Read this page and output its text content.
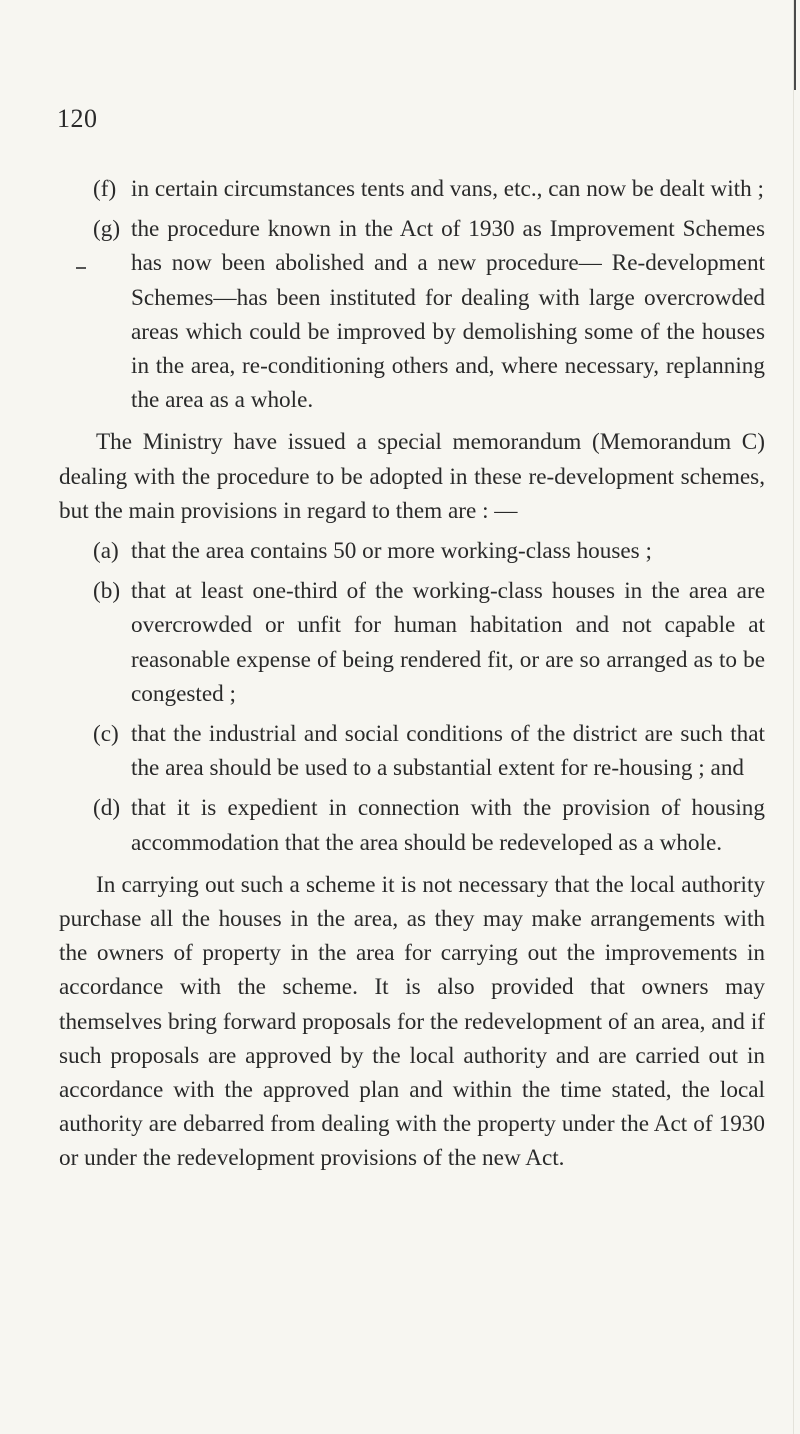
120
(f) in certain circumstances tents and vans, etc., can now be dealt with ;
(g) the procedure known in the Act of 1930 as Improvement Schemes has now been abolished and a new procedure— Re-development Schemes—has been instituted for dealing with large overcrowded areas which could be improved by demolishing some of the houses in the area, re-conditioning others and, where necessary, replanning the area as a whole.

The Ministry have issued a special memorandum (Memorandum C) dealing with the procedure to be adopted in these re-development schemes, but the main provisions in regard to them are : —

(a) that the area contains 50 or more working-class houses ;
(b) that at least one-third of the working-class houses in the area are overcrowded or unfit for human habitation and not capable at reasonable expense of being rendered fit, or are so arranged as to be congested ;
(c) that the industrial and social conditions of the district are such that the area should be used to a substantial extent for re-housing ; and
(d) that it is expedient in connection with the provision of housing accommodation that the area should be redeveloped as a whole.

In carrying out such a scheme it is not necessary that the local authority purchase all the houses in the area, as they may make arrangements with the owners of property in the area for carrying out the improvements in accordance with the scheme. It is also provided that owners may themselves bring forward proposals for the redevelopment of an area, and if such proposals are approved by the local authority and are carried out in accordance with the approved plan and within the time stated, the local authority are debarred from dealing with the property under the Act of 1930 or under the redevelopment provisions of the new Act.
